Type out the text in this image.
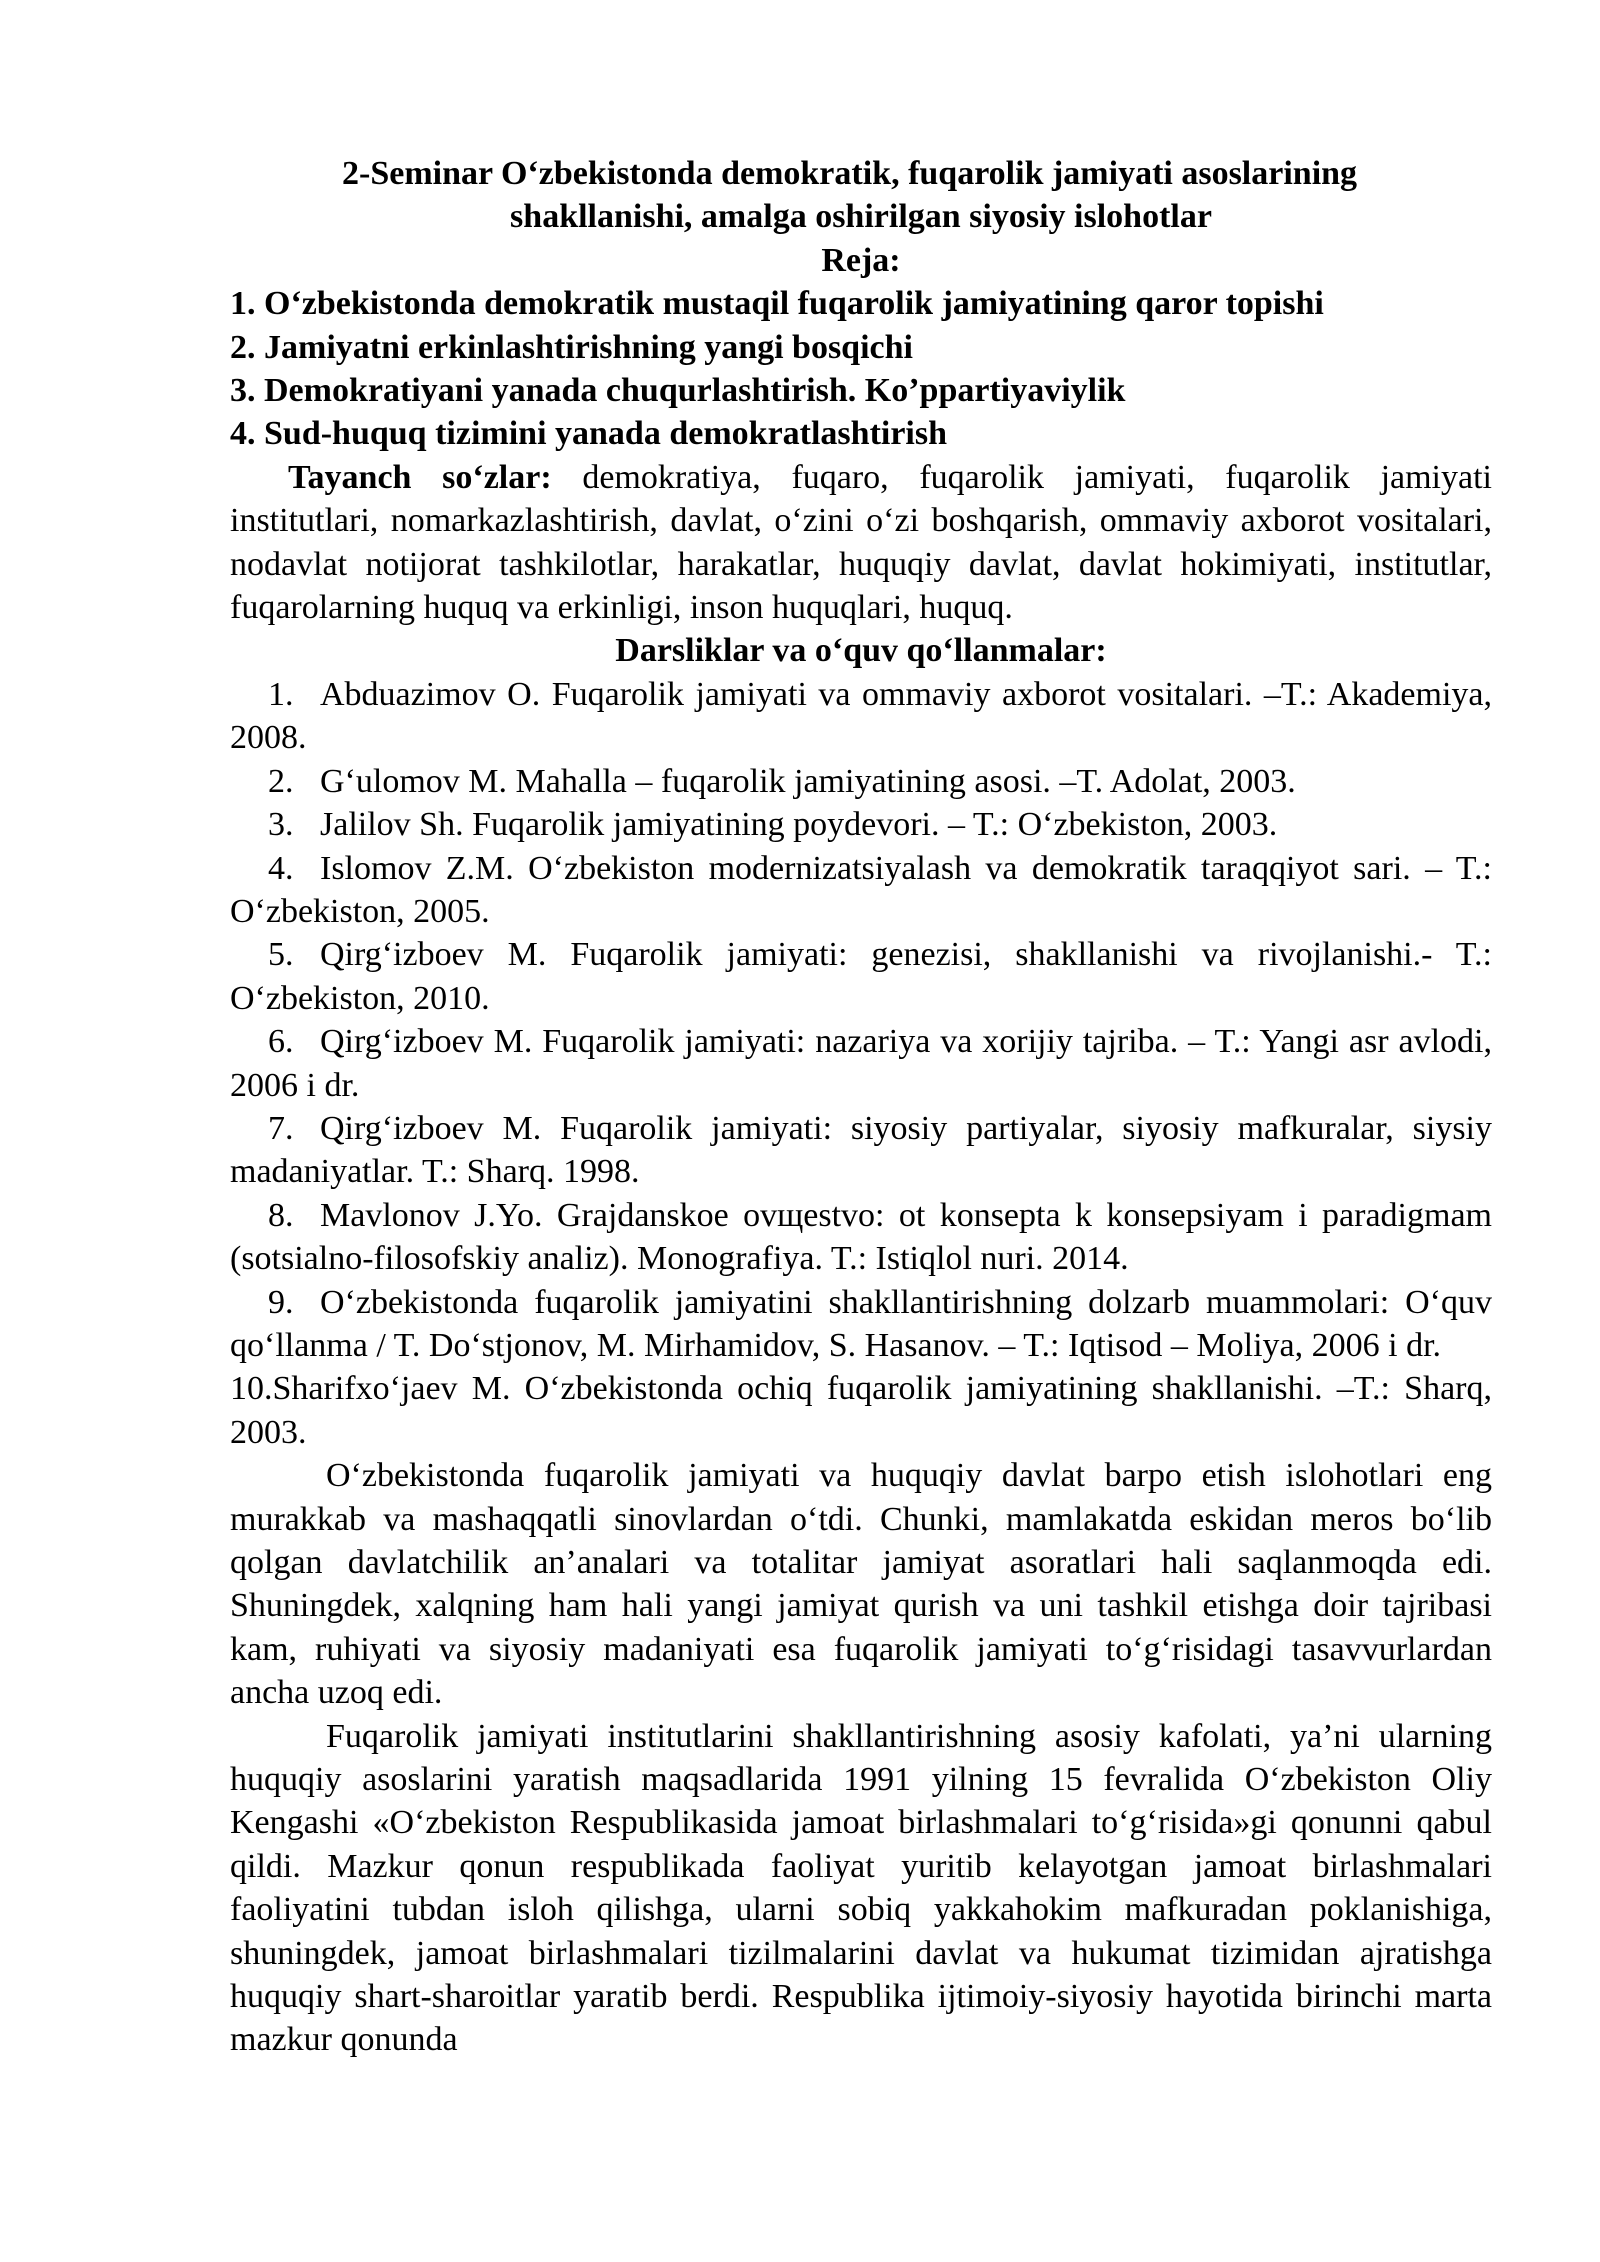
2-Seminar O‘zbekistonda demokratik, fuqarolik jamiyati asoslarining
shakllanishi, amalga oshirilgan siyosiy islohotlar
Reja:
1. O‘zbekistonda demokratik mustaqil fuqarolik jamiyatining qaror topishi
2. Jamiyatni erkinlashtirishning yangi bosqichi
3. Demokratiyani yanada chuqurlashtirish. Ko’ppartiyaviylik
4. Sud-huquq tizimini yanada demokratlashtirish
Tayanch so‘zlar: demokratiya, fuqaro, fuqarolik jamiyati, fuqarolik jamiyati institutlari, nomarkazlashtirish, davlat, o‘zini o‘zi boshqarish, ommaviy axborot vositalari, nodavlat notijorat tashkilotlar, harakatlar, huquqiy davlat, davlat hokimiyati, institutlar, fuqarolarning huquq va erkinligi, inson huquqlari, huquq.
Darsliklar va o‘quv qo‘llanmalar:
1. Abduazimov O. Fuqarolik jamiyati va ommaviy axborot vositalari. –T.: Akademiya, 2008.
2. G‘ulomov M. Mahalla – fuqarolik jamiyatining asosi. –T. Adolat, 2003.
3. Jalilov Sh. Fuqarolik jamiyatining poydevori. – T.: O‘zbekiston, 2003.
4. Islomov Z.M. O‘zbekiston modernizatsiyalash va demokratik taraqqiyot sari. – T.: O‘zbekiston, 2005.
5. Qirg‘izboev M. Fuqarolik jamiyati: genezisi, shakllanishi va rivojlanishi.- T.: O‘zbekiston, 2010.
6. Qirg‘izboev M. Fuqarolik jamiyati: nazariya va xorijiy tajriba. – T.: Yangi asr avlodi, 2006 i dr.
7. Qirg‘izboev M. Fuqarolik jamiyati: siyosiy partiyalar, siyosiy mafkuralar, siysiy madaniyatlar. T.: Sharq. 1998.
8. Mavlonov J.Yo. Grajdanskoe ovщestvo: ot konsepta k konsepsiyam i paradigmam (sotsialno-filosofskiy analiz). Monografiya. T.: Istiqlol nuri. 2014.
9. O‘zbekistonda fuqarolik jamiyatini shakllantirishning dolzarb muammolari: O‘quv qo‘llanma / T. Do‘stjonov, M. Mirhamidov, S. Hasanov. – T.: Iqtisod – Moliya, 2006 i dr.
10.Sharifxo‘jaev M. O‘zbekistonda ochiq fuqarolik jamiyatining shakllanishi. –T.: Sharq, 2003.
O‘zbekistonda fuqarolik jamiyati va huquqiy davlat barpo etish islohotlari eng murakkab va mashaqqatli sinovlardan o‘tdi. Chunki, mamlakatda eskidan meros bo‘lib qolgan davlatchilik an’analari va totalitar jamiyat asoratlari hali saqlanmoqda edi. Shuningdek, xalqning ham hali yangi jamiyat qurish va uni tashkil etishga doir tajribasi kam, ruhiyati va siyosiy madaniyati esa fuqarolik jamiyati to‘g‘risidagi tasavvurlardan ancha uzoq edi.
Fuqarolik jamiyati institutlarini shakllantirishning asosiy kafolati, ya’ni ularning huquqiy asoslarini yaratish maqsadlarida 1991 yilning 15 fevralida O‘zbekiston Oliy Kengashi «O‘zbekiston Respublikasida jamoat birlashmalari to‘g‘risida»gi qonunni qabul qildi. Mazkur qonun respublikada faoliyat yuritib kelayotgan jamoat birlashmalari faoliyatini tubdan isloh qilishga, ularni sobiq yakkahokim mafkuradan poklanishiga, shuningdek, jamoat birlashmalari tizilmalarini davlat va hukumat tizimidan ajratishga huquqiy shart-sharoitlar yaratib berdi. Respublika ijtimoiy-siyosiy hayotida birinchi marta mazkur qonunda
